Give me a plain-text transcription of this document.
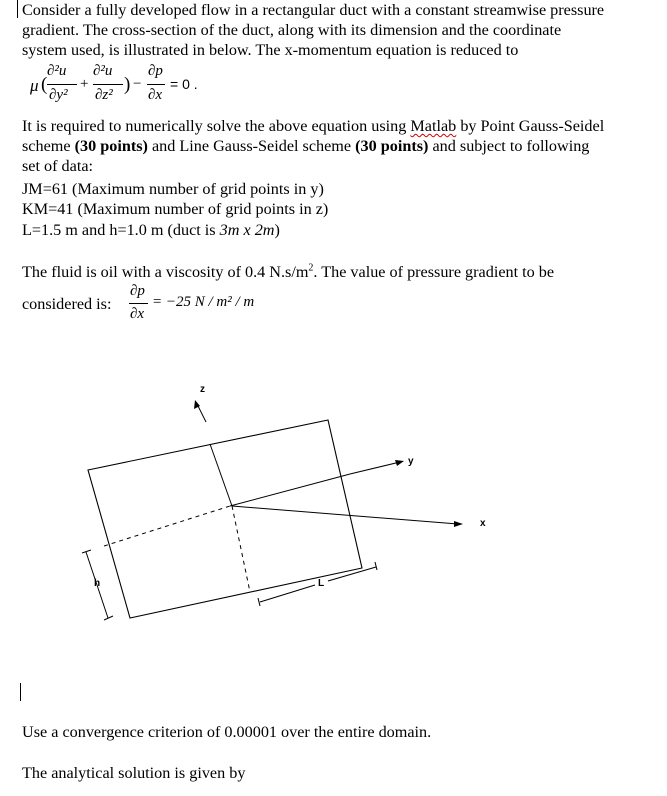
Consider a fully developed flow in a rectangular duct with a constant streamwise pressure
gradient. The cross-section of the duct, along with its dimension and the coordinate
system used, is illustrated in below. The x-momentum equation is reduced to
μ (
∂²u
∂y²
+
∂²u
∂z² ) −
∂p
∂x
= 0 .
It is required to numerically solve the above equation using Matlab by Point Gauss-Seidel
scheme (30 points) and Line Gauss-Seidel scheme (30 points) and subject to following
set of data:
JM=61 (Maximum number of grid points in y)
KM=41 (Maximum number of grid points in z)
L=1.5 m and h=1.0 m (duct is 3m x 2m)
The fluid is oil with a viscosity of 0.4 $N.s/m^2$. The value of pressure gradient to be
considered is:
∂p
∂x
= −25 N / m² / m
z
y
x
h	L
Use a convergence criterion of 0.00001 over the entire domain.
The analytical solution is given by
